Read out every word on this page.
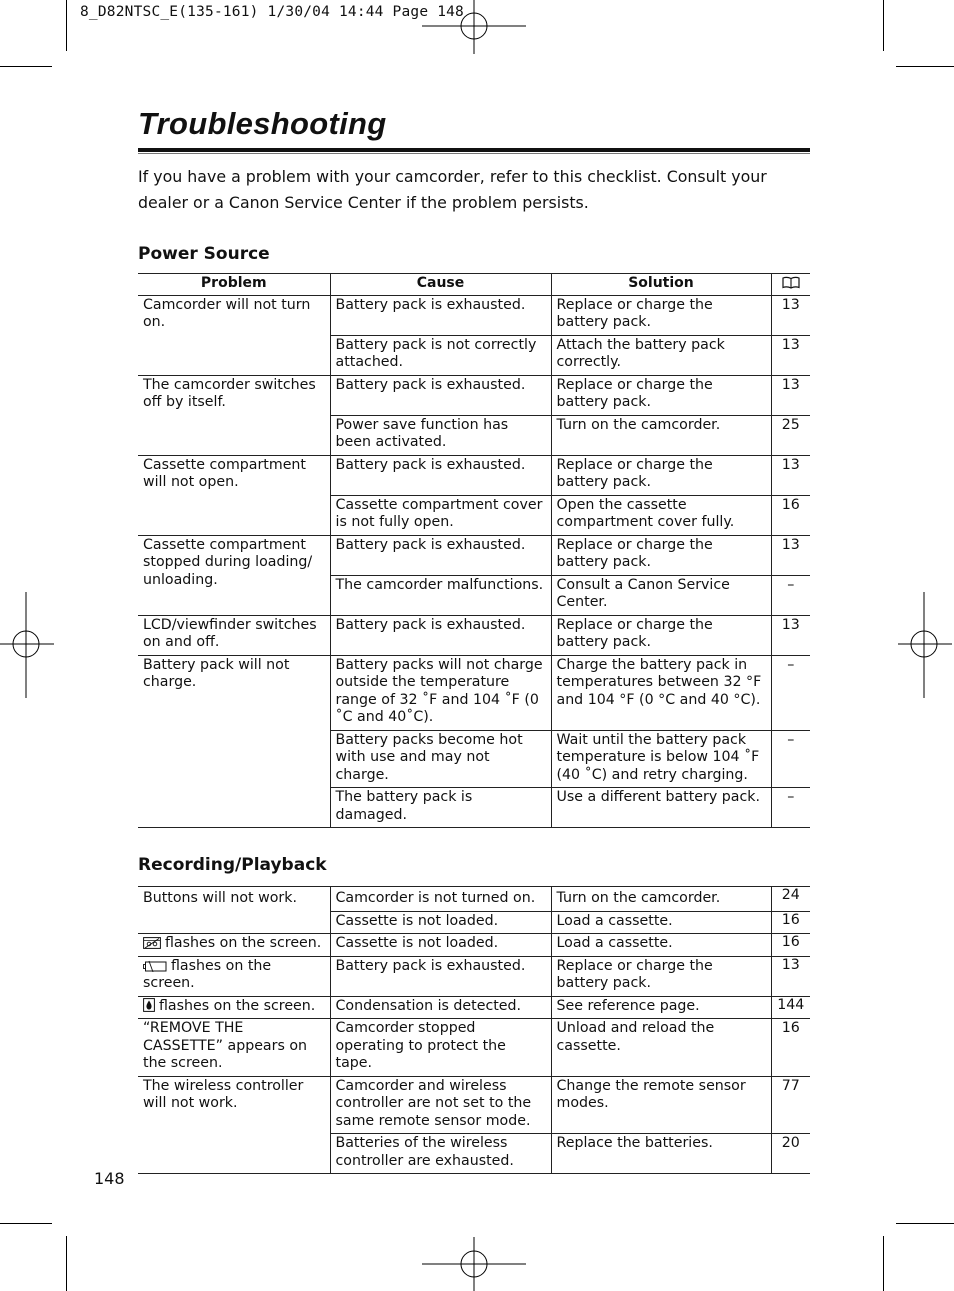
8_D82NTSC_E(135-161) 1/30/04 14:44 Page 148
Troubleshooting
If you have a problem with your camcorder, refer to this checklist. Consult your dealer or a Canon Service Center if the problem persists.
Power Source
Problem	Cause	Solution	
Camcorder will not turn on.	Battery pack is exhausted.	Replace or charge the battery pack.	13
	Battery pack is not correctly attached.	Attach the battery pack correctly.	13
The camcorder switches off by itself.	Battery pack is exhausted.	Replace or charge the battery pack.	13
	Power save function has been activated.	Turn on the camcorder.	25
Cassette compartment will not open.	Battery pack is exhausted.	Replace or charge the battery pack.	13
	Cassette compartment cover is not fully open.	Open the cassette compartment cover fully.	16
Cassette compartment stopped during loading/ unloading.	Battery pack is exhausted.	Replace or charge the battery pack.	13
	The camcorder malfunctions.	Consult a Canon Service Center.	–
LCD/viewfinder switches on and off.	Battery pack is exhausted.	Replace or charge the battery pack.	13
Battery pack will not charge.	Battery packs will not charge outside the temperature range of 32 ˚F and 104 ˚F (0 ˚C and 40˚C).	Charge the battery pack in temperatures between 32 °F and 104 °F (0 °C and 40 °C).	–
	Battery packs become hot with use and may not charge.	Wait until the battery pack temperature is below 104 ˚F (40 ˚C) and retry charging.	–
	The battery pack is damaged.	Use a different battery pack.	–
Recording/Playback
Buttons will not work.	Camcorder is not turned on.	Turn on the camcorder.	24
	Cassette is not loaded.	Load a cassette.	16
flashes on the screen.	Cassette is not loaded.	Load a cassette.	16
flashes on the screen.	Battery pack is exhausted.	Replace or charge the battery pack.	13
flashes on the screen.	Condensation is detected.	See reference page.	144
“REMOVE THE CASSETTE” appears on the screen.	Camcorder stopped operating to protect the tape.	Unload and reload the cassette.	16
The wireless controller will not work.	Camcorder and wireless controller are not set to the same remote sensor mode.	Change the remote sensor modes.	77
	Batteries of the wireless controller are exhausted.	Replace the batteries.	20
148
